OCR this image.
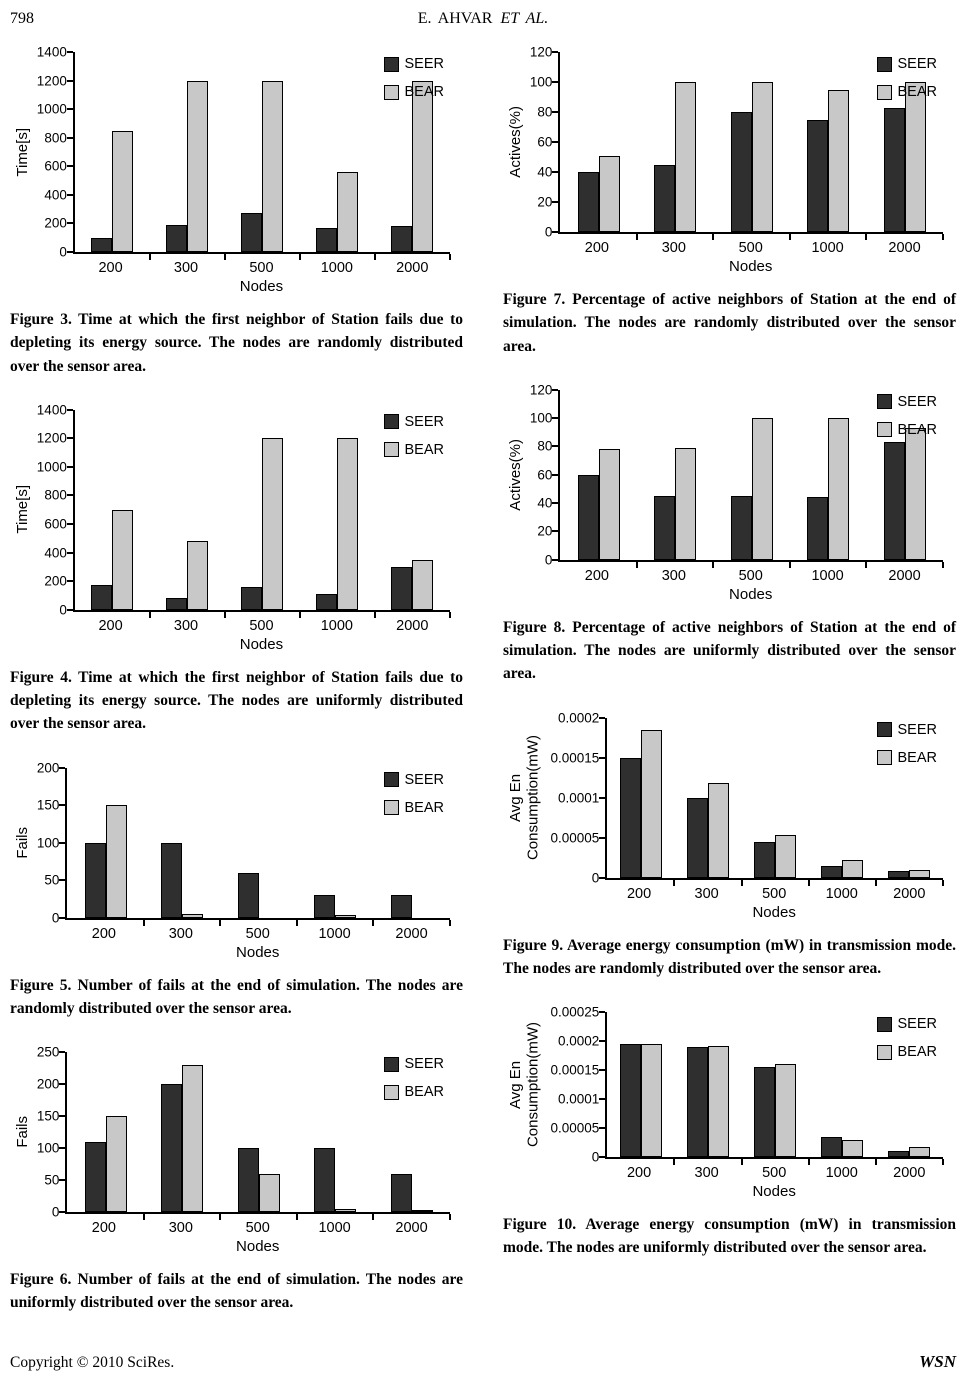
798	E. AHVAR ET AL.
Time[s]
0
200
400
600
800
1000
1200
1400
SEER
BEAR
200	300	500	1000	2000
Nodes
Figure 3. Time at which the first neighbor of Station fails due to depleting its energy source. The nodes are randomly distributed over the sensor area.
Time[s]
0
200
400
600
800
1000
1200
1400
SEER
BEAR
200	300	500	1000	2000
Nodes
Figure 4. Time at which the first neighbor of Station fails due to depleting its energy source. The nodes are uniformly distributed over the sensor area.
Fails
0
50
100
150
200
SEER
BEAR
200	300	500	1000	2000
Nodes
Figure 5. Number of fails at the end of simulation. The nodes are randomly distributed over the sensor area.
Fails
0
50
100
150
200
250
SEER
BEAR
200	300	500	1000	2000
Nodes
Figure 6. Number of fails at the end of simulation. The nodes are uniformly distributed over the sensor area.
Actives(%)
0
20
40
60
80
100
120
SEER
BEAR
200	300	500	1000	2000
Nodes
Figure 7. Percentage of active neighbors of Station at the end of simulation. The nodes are randomly distributed over the sensor area.
Actives(%)
0
20
40
60
80
100
120
SEER
BEAR
200	300	500	1000	2000
Nodes
Figure 8. Percentage of active neighbors of Station at the end of simulation. The nodes are uniformly distributed over the sensor area.
Avg En
Consumption(mW)
0
0.00005
0.0001
0.00015
0.0002
SEER
BEAR
200	300	500	1000	2000
Nodes
Figure 9. Average energy consumption (mW) in transmission mode. The nodes are randomly distributed over the sensor area.
Avg En
Consumption(mW)
0
0.00005
0.0001
0.00015
0.0002
0.00025
SEER
BEAR
200	300	500	1000	2000
Nodes
Figure 10. Average energy consumption (mW) in transmission mode. The nodes are uniformly distributed over the sensor area.
Copyright © 2010 SciRes.	WSN
